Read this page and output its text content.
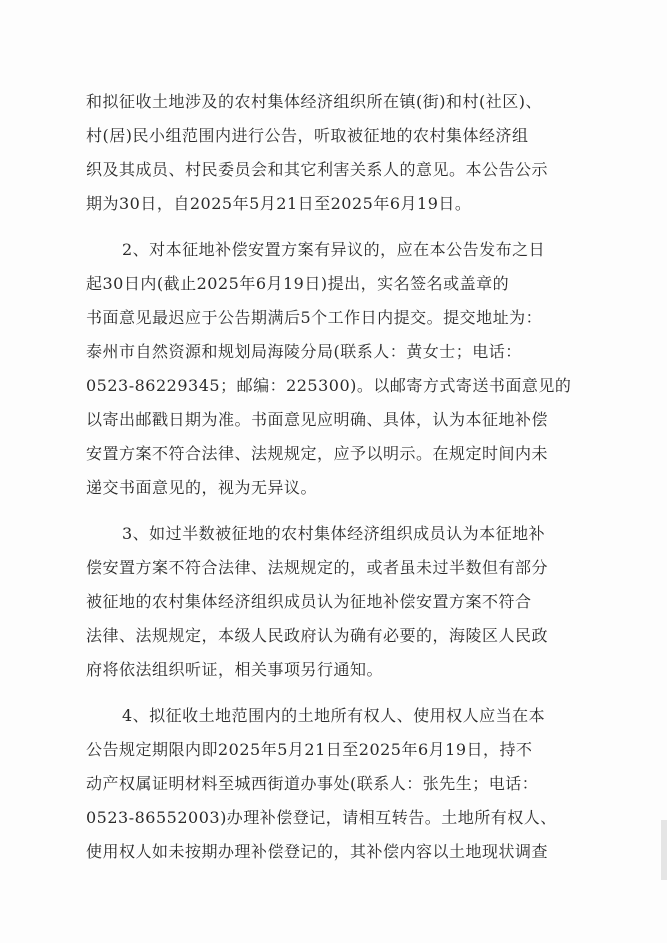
和拟征收土地涉及的农村集体经济组织所在镇(街)和村(社区)、
村(居)民小组范围内进行公告，听取被征地的农村集体经济组
织及其成员、村民委员会和其它利害关系人的意见。本公告公示
期为30日，自2025年5月21日至2025年6月19日。
2、对本征地补偿安置方案有异议的，应在本公告发布之日
起30日内(截止2025年6月19日)提出，实名签名或盖章的
书面意见最迟应于公告期满后5个工作日内提交。提交地址为：
泰州市自然资源和规划局海陵分局(联系人：黄女士；电话：
0523-86229345；邮编：225300)。以邮寄方式寄送书面意见的
以寄出邮戳日期为准。书面意见应明确、具体，认为本征地补偿
安置方案不符合法律、法规规定，应予以明示。在规定时间内未
递交书面意见的，视为无异议。
3、如过半数被征地的农村集体经济组织成员认为本征地补
偿安置方案不符合法律、法规规定的，或者虽未过半数但有部分
被征地的农村集体经济组织成员认为征地补偿安置方案不符合
法律、法规规定，本级人民政府认为确有必要的，海陵区人民政
府将依法组织听证，相关事项另行通知。
4、拟征收土地范围内的土地所有权人、使用权人应当在本
公告规定期限内即2025年5月21日至2025年6月19日，持不
动产权属证明材料至城西街道办事处(联系人：张先生；电话：
0523-86552003)办理补偿登记，请相互转告。土地所有权人、
使用权人如未按期办理补偿登记的，其补偿内容以土地现状调查
